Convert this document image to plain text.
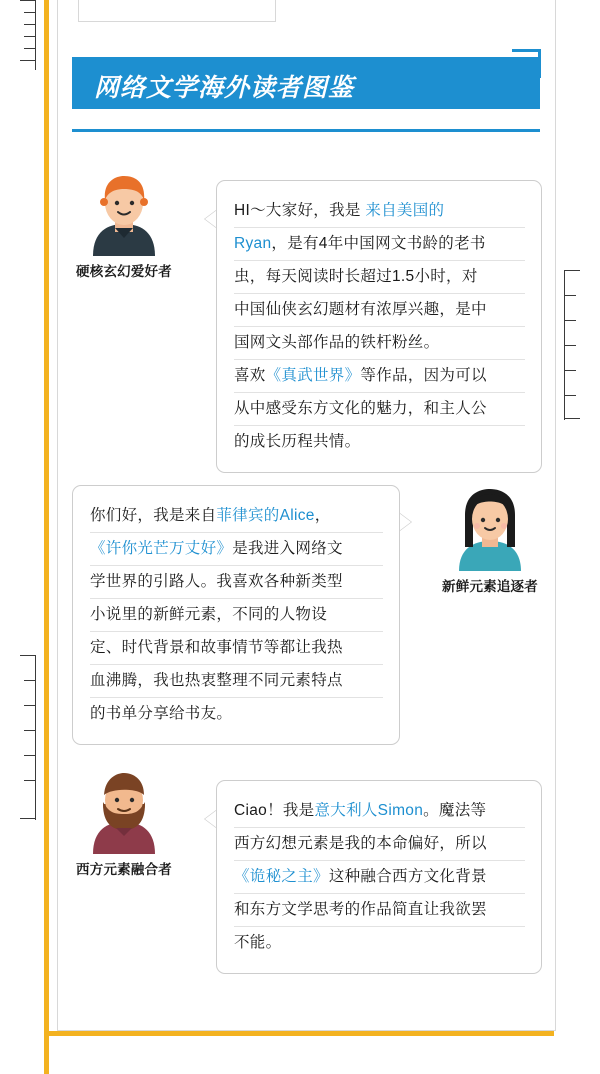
网络文学海外读者图鉴
硬核玄幻爱好者
HI～大家好，我是 来自美国的
Ryan，是有4年中国网文书龄的老书
虫，每天阅读时长超过1.5小时，对
中国仙侠玄幻题材有浓厚兴趣，是中
国网文头部作品的铁杆粉丝。
喜欢《真武世界》等作品，因为可以
从中感受东方文化的魅力，和主人公
的成长历程共情。
新鲜元素追逐者
你们好，我是来自菲律宾的Alice，
《许你光芒万丈好》是我进入网络文
学世界的引路人。我喜欢各种新类型
小说里的新鲜元素，不同的人物设
定、时代背景和故事情节等都让我热
血沸腾，我也热衷整理不同元素特点
的书单分享给书友。
西方元素融合者
Ciao！我是意大利人Simon。魔法等
西方幻想元素是我的本命偏好，所以
《诡秘之主》这种融合西方文化背景
和东方文学思考的作品简直让我欲罢
不能。
